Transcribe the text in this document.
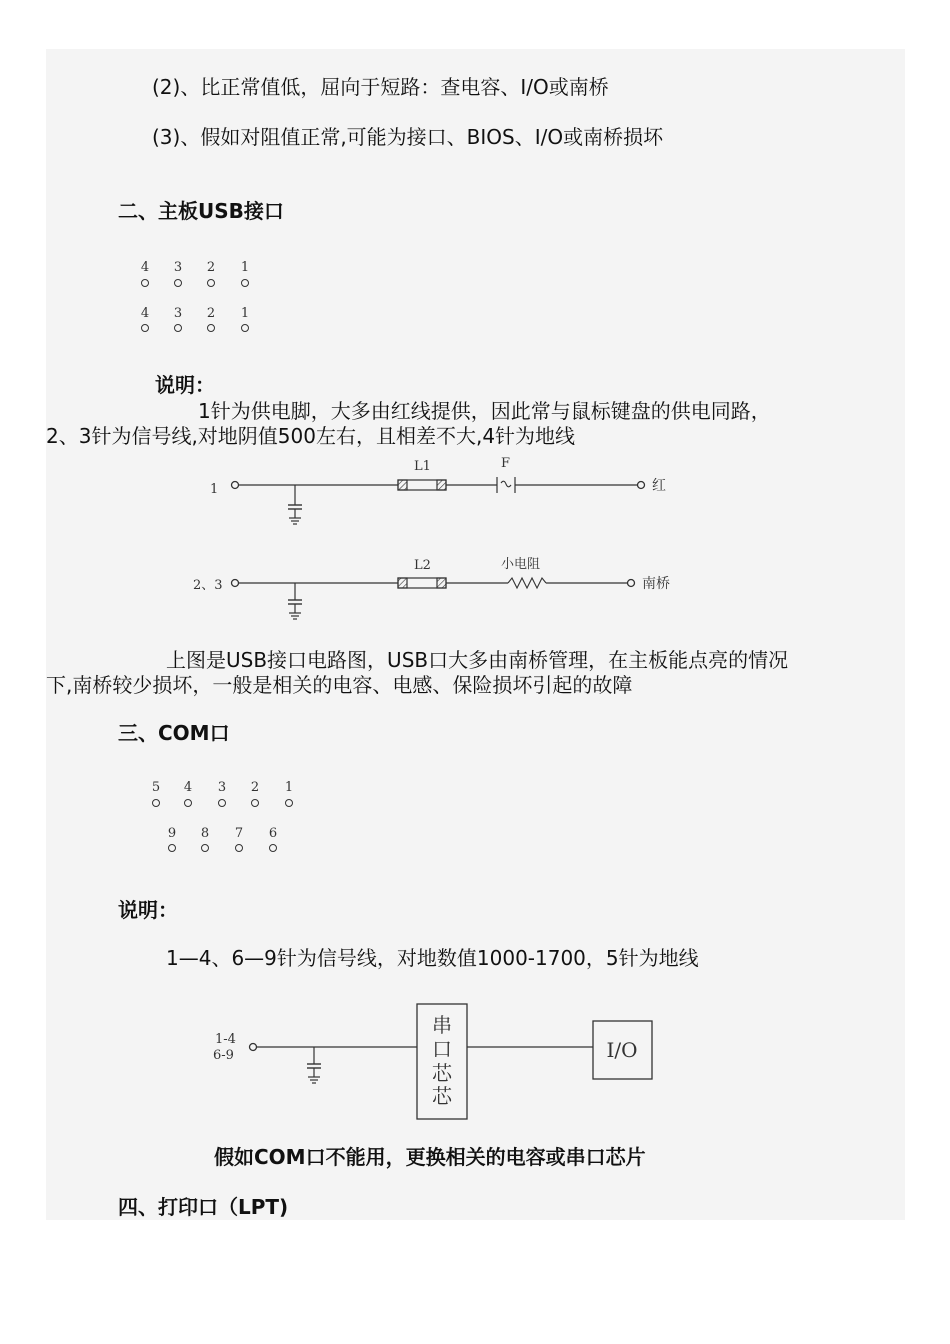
(2)、比正常值低，屈向于短路：查电容、I/O或南桥
(3)、假如对阻值正常,可能为接口、BIOS、I/O或南桥损坏
二、主板USB接口
4 3 2 1
4 3 2 1
说明：
1针为供电脚，大多由红线提供，因此常与鼠标键盘的供电同路，
2、3针为信号线,对地阴值500左右，且相差不大,4针为地线
1
L1	F
红
2、3
L2	小电阻
南桥
上图是USB接口电路图，USB口大多由南桥管理，在主板能点亮的情况
下,南桥较少损坏，一般是相关的电容、电感、保险损坏引起的故障
三、COM口
5 4 3 2 1
9 8 7 6
说明：
1—4、6—9针为信号线，对地数值1000-1700，5针为地线
1-4
6-9
串
口
芯
芯
I/O
假如COM口不能用，更换相关的电容或串口芯片
四、打印口（LPT)
